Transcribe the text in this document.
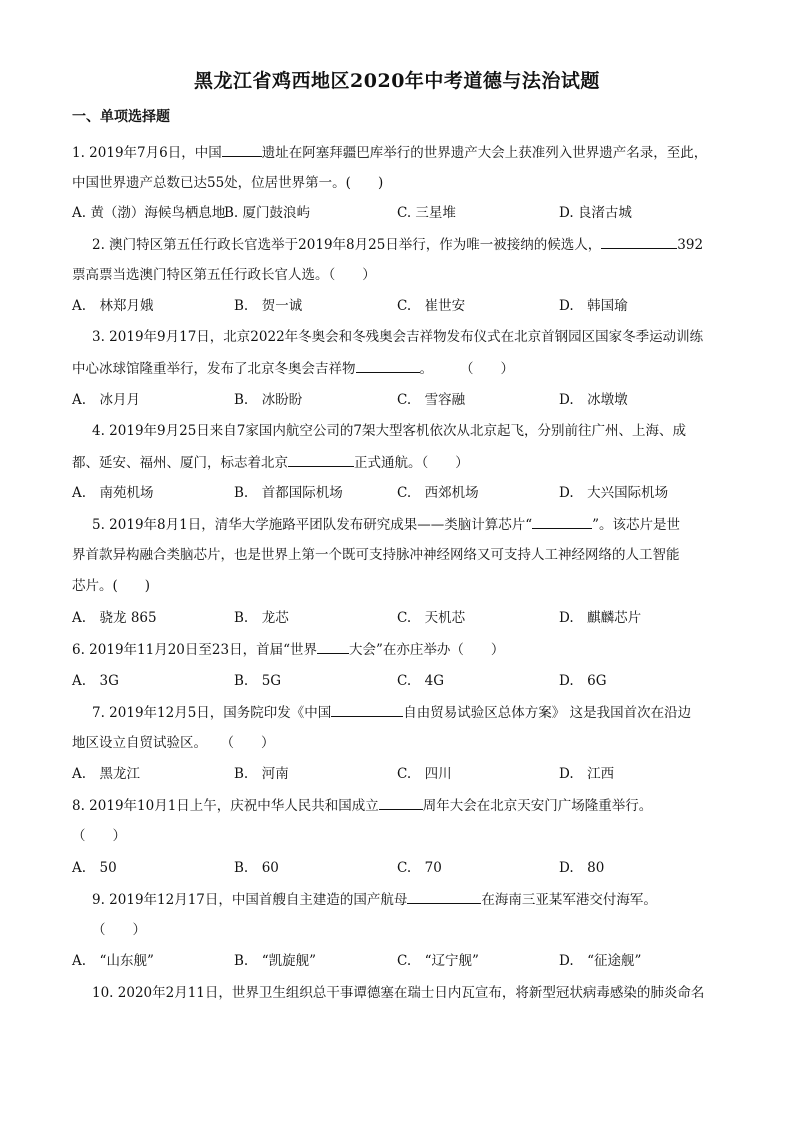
黑龙江省鸡西地区2020年中考道德与法治试题
一、单项选择题
1. 2019年7月6日，中国	遗址在阿塞拜疆巴库举行的世界遗产大会上获准列入世界遗产名录，至此，
中国世界遗产总数已达55处，位居世界第一。(　　)
A. 黄（渤）海候鸟栖息地
B. 厦门鼓浪屿	C. 三星堆	D. 良渚古城
2. 澳门特区第五任行政长官选举于2019年8月25日举行，作为唯一被接纳的候选人，	392
票高票当选澳门特区第五任行政长官人选。（　　）
A.　林郑月娥	B.　贺一诚	C.　崔世安	D.　韩国瑜
3. 2019年9月17日，北京2022年冬奥会和冬残奥会吉祥物发布仪式在北京首钢园区国家冬季运动训练
中心冰球馆隆重举行，发布了北京冬奥会吉祥物	。　　　（　　）
A.　冰月月	B.　冰盼盼	C.　雪容融	D.　冰墩墩
4. 2019年9月25日来自7家国内航空公司的7架大型客机依次从北京起飞，分别前往广州、上海、成
都、延安、福州、厦门，标志着北京	正式通航。（　　）
A.　南苑机场	B.　首都国际机场	C.　西郊机场	D.　大兴国际机场
5. 2019年8月1日，清华大学施路平团队发布研究成果——类脑计算芯片“	”。该芯片是世
界首款异构融合类脑芯片，也是世界上第一个既可支持脉冲神经网络又可支持人工神经网络的人工智能
芯片。(　　)
A.　骁龙 865	B.　龙芯	C.　天机芯	D.　麒麟芯片
6. 2019年11月20日至23日，首届“世界 大会”在亦庄举办（　　）
A.　3G	B.　5G	C.　4G	D.　6G
7. 2019年12月5日，国务院印发《中国	自由贸易试验区总体方案》 这是我国首次在沿边
地区设立自贸试验区。　　（　　）
A.　黑龙江	B.　河南	C.　四川	D.　江西
8. 2019年10月1日上午，庆祝中华人民共和国成立	周年大会在北京天安门广场隆重举行。
（　　）
A.　50	B.　60	C.　70	D.　80
9. 2019年12月17日，中国首艘自主建造的国产航母	在海南三亚某军港交付海军。
（　　）
A.　“山东舰”	B.　“凯旋舰”	C.　“辽宁舰”	D.　“征途舰”
10. 2020年2月11日，世界卫生组织总干事谭德塞在瑞士日内瓦宣布，将新型冠状病毒感染的肺炎命名
